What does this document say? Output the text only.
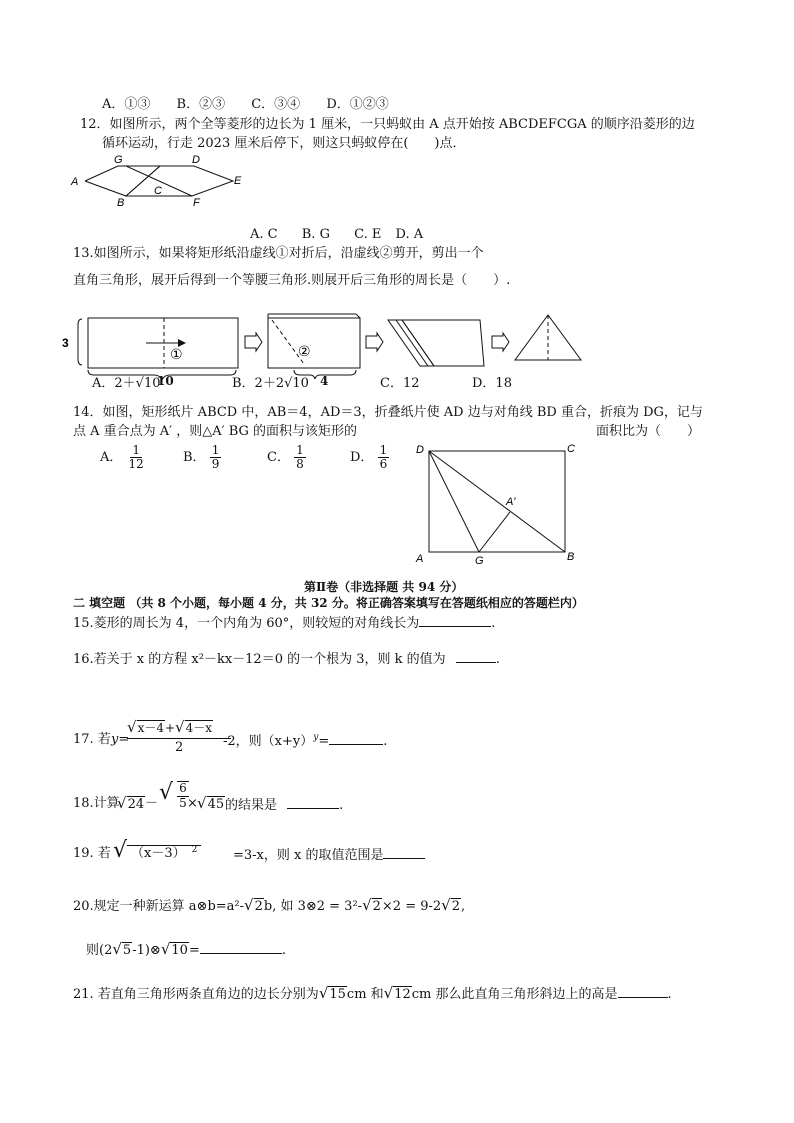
A．①③ B．②③ C．③④ D．①②③
12．如图所示，两个全等菱形的边长为 1 厘米，一只蚂蚁由 A 点开始按 ABCDEFCGA 的顺序沿菱形的边
循环运动，行走 2023 厘米后停下，则这只蚂蚁停在(　　)点．
G	D
A
C
E
B	F
A. C B. G C. E D. A
13.如图所示，如果将矩形纸沿虚线①对折后，沿虚线②剪开，剪出一个
直角三角形，展开后得到一个等腰三角形.则展开后三角形的周长是（　　）.
3
①	②
10	4
A．2＋√10	B．2＋2√10	C．12	D．18
14．如图，矩形纸片 ABCD 中，AB＝4，AD＝3，折叠纸片使 AD 边与对角线 BD 重合，折痕为 DG，记与
点 A 重合点为 A′ ，则△A′ BG 的面积与该矩形的	面积比为（　　）
A． $\frac{1}{12}$	B． $\frac{1}{9}$	C． $\frac{1}{8}$	D． $\frac{1}{6}$ D	C
A′
A	G	B
第Ⅱ卷（非选择题 共 94 分）
二 填空题 （共 8 个小题，每小题 4 分，共 32 分。将正确答案填写在答题纸相应的答题栏内）
15.菱形的周长为 4，一个内角为 60°，则较短的对角线长为	.
16.若关于 x 的方程 x²－kx－12＝0 的一个根为 3，则 k 的值为	.
17. 若 y=
√x－4+√4－x
2	-2，则$(x+y)^y=$	.
18.计算
√24 － √ $\frac{6}{5}$
× √45 的结果是	.
19. 若 √ （x－3） $^2$	=3-x，则 x 的取值范围是
20.规定一种新运算 a⊗b=a²-√2b, 如 3⊗2 = 3²-√2×2 = 9-2√2,
则(2√5-1)⊗√10=	.
21. 若直角三角形两条直角边的边长分别为√15cm 和√12cm 那么此直角三角形斜边上的高是	.
